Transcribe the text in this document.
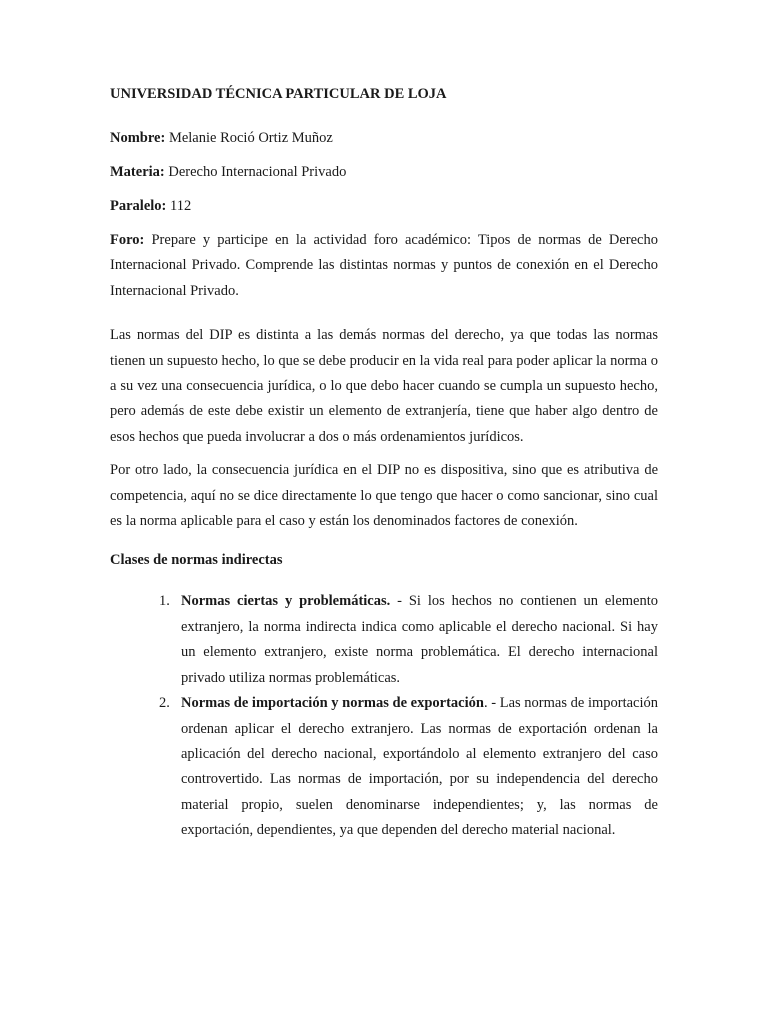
UNIVERSIDAD TÉCNICA PARTICULAR DE LOJA

Nombre: Melanie Roció Ortiz Muñoz

Materia: Derecho Internacional Privado

Paralelo: 112

Foro: Prepare y participe en la actividad foro académico: Tipos de normas de Derecho Internacional Privado. Comprende las distintas normas y puntos de conexión en el Derecho Internacional Privado.

Las normas del DIP es distinta a las demás normas del derecho, ya que todas las normas tienen un supuesto hecho, lo que se debe producir en la vida real para poder aplicar la norma o a su vez una consecuencia jurídica, o lo que debo hacer cuando se cumpla un supuesto hecho, pero además de este debe existir un elemento de extranjería, tiene que haber algo dentro de esos hechos que pueda involucrar a dos o más ordenamientos jurídicos.

Por otro lado, la consecuencia jurídica en el DIP no es dispositiva, sino que es atributiva de competencia, aquí no se dice directamente lo que tengo que hacer o como sancionar, sino cual es la norma aplicable para el caso y están los denominados factores de conexión.

Clases de normas indirectas

1. Normas ciertas y problemáticas. - Si los hechos no contienen un elemento extranjero, la norma indirecta indica como aplicable el derecho nacional. Si hay un elemento extranjero, existe norma problemática. El derecho internacional privado utiliza normas problemáticas.
2. Normas de importación y normas de exportación. - Las normas de importación ordenan aplicar el derecho extranjero. Las normas de exportación ordenan la aplicación del derecho nacional, exportándolo al elemento extranjero del caso controvertido. Las normas de importación, por su independencia del derecho material propio, suelen denominarse independientes; y, las normas de exportación, dependientes, ya que dependen del derecho material nacional.
